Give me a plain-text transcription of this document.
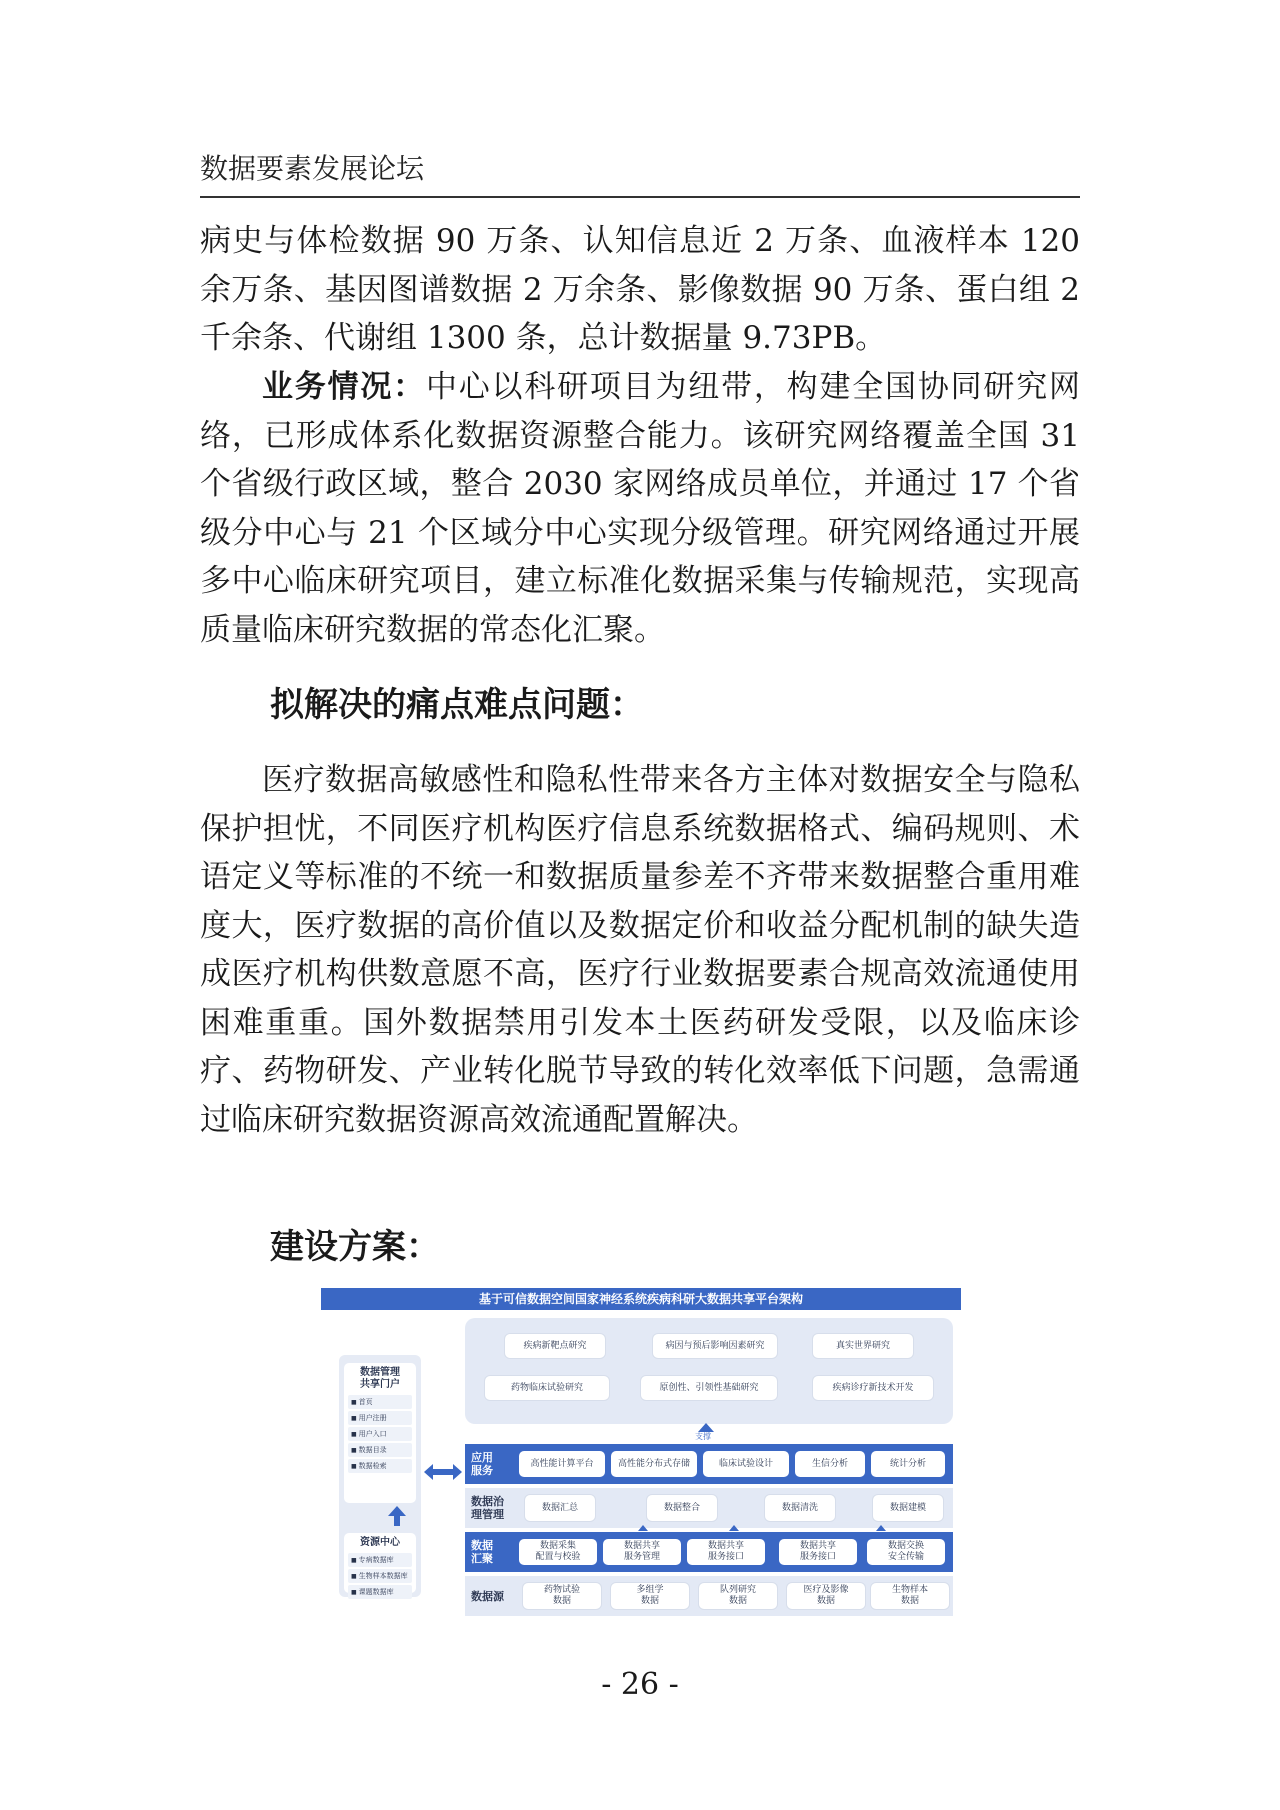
数据要素发展论坛

病史与体检数据 90 万条、认知信息近 2 万条、血液样本 120 余万条、基因图谱数据 2 万余条、影像数据 90 万条、蛋白组 2 千余条、代谢组 1300 条，总计数据量 9.73PB。

业务情况：中心以科研项目为纽带，构建全国协同研究网络，已形成体系化数据资源整合能力。该研究网络覆盖全国 31 个省级行政区域，整合 2030 家网络成员单位，并通过 17 个省级分中心与 21 个区域分中心实现分级管理。研究网络通过开展多中心临床研究项目，建立标准化数据采集与传输规范，实现高质量临床研究数据的常态化汇聚。

拟解决的痛点难点问题：

医疗数据高敏感性和隐私性带来各方主体对数据安全与隐私保护担忧，不同医疗机构医疗信息系统数据格式、编码规则、术语定义等标准的不统一和数据质量参差不齐带来数据整合重用难度大，医疗数据的高价值以及数据定价和收益分配机制的缺失造成医疗机构供数意愿不高，医疗行业数据要素合规高效流通使用困难重重。国外数据禁用引发本土医药研发受限，以及临床诊疗、药物研发、产业转化脱节导致的转化效率低下问题，急需通过临床研究数据资源高效流通配置解决。

建设方案：
基于可信数据空间国家神经系统疾病科研大数据共享平台架构
数据管理
共享门户
■ 首页
■ 用户注册
■ 用户入口
■ 数据目录
■ 数据检索
资源中心
■ 专病数据库
■ 生物样本数据库
■ 课题数据库
疾病新靶点研究	病因与预后影响因素研究	真实世界研究
药物临床试验研究	原创性、引领性基础研究	疾病诊疗新技术开发
支撑
应用
服务
高性能计算平台	高性能分布式存储	临床试验设计	生信分析	统计分析
数据治
理管理
数据汇总	数据整合	数据清洗	数据建模
数据
汇聚
数据采集
配置与校验
数据共享
服务管理
数据共享
服务接口
数据共享
服务接口
数据交换
安全传输
数据源	药物试验
数据
多组学
数据
队列研究
数据
医疗及影像
数据
生物样本
数据
- 26 -
